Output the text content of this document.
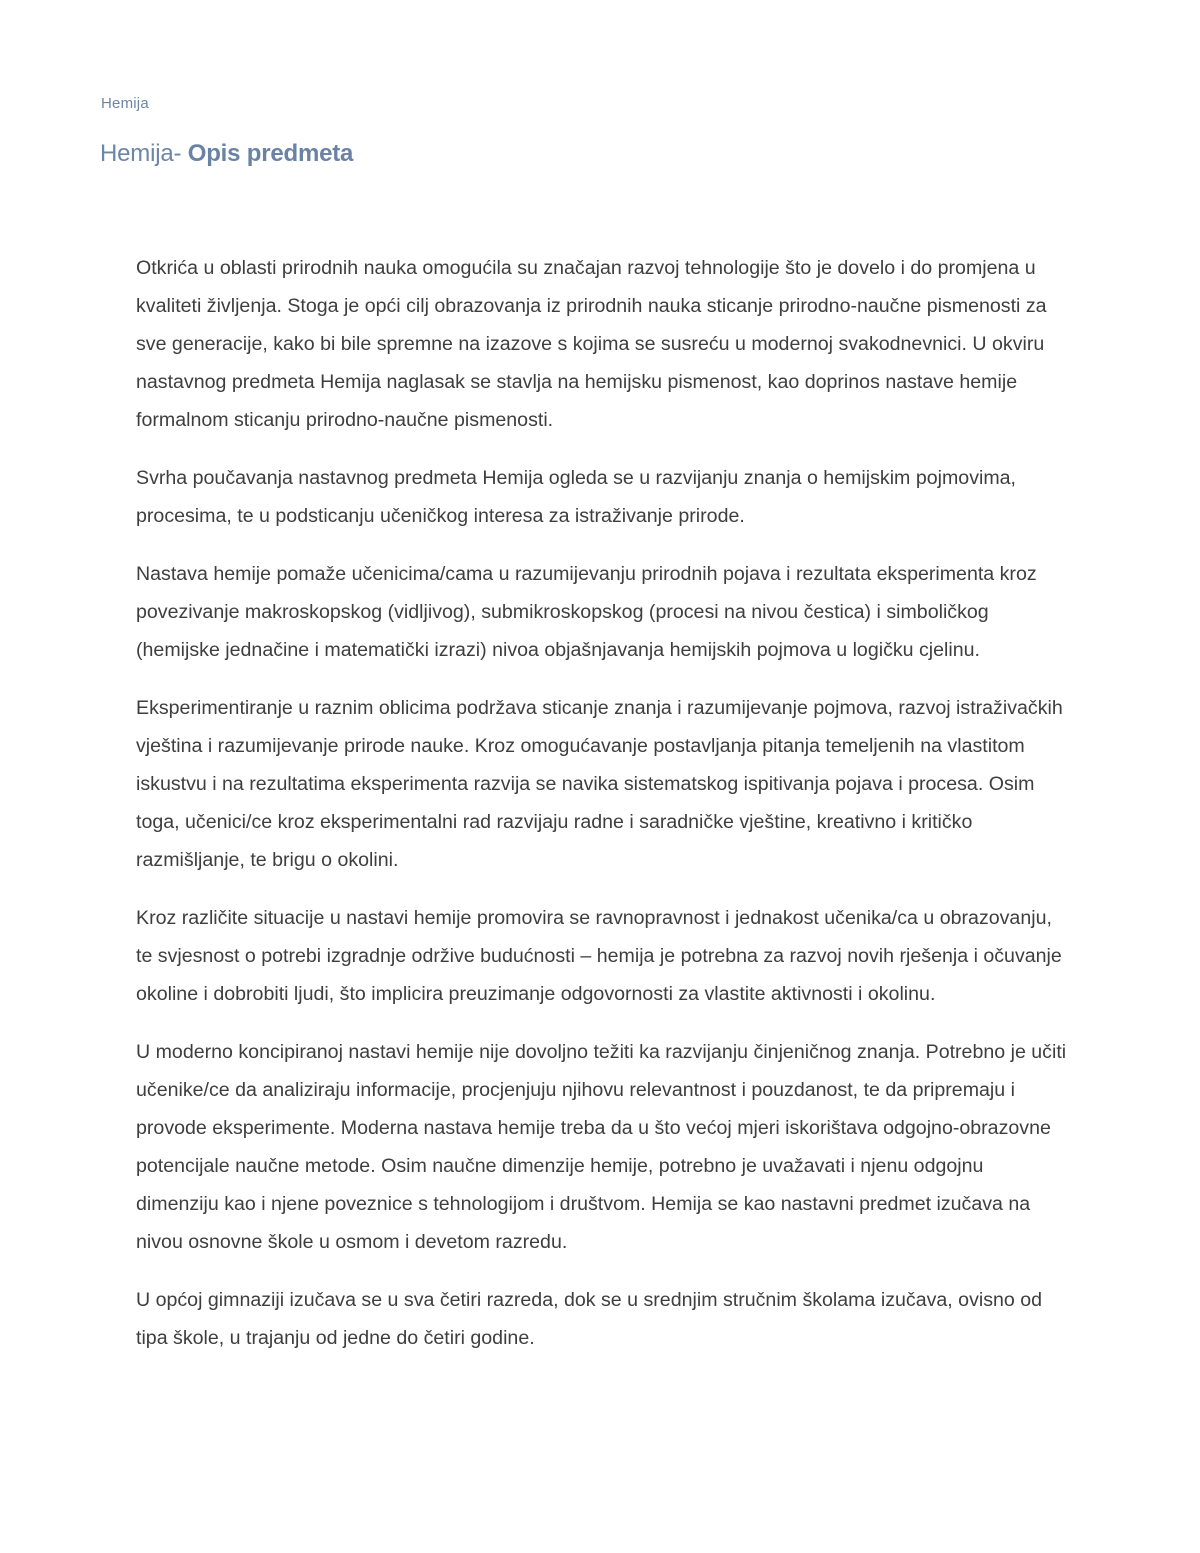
Hemija
Hemija- Opis predmeta

Otkrića u oblasti prirodnih nauka omogućila su značajan razvoj tehnologije što je dovelo i do promjena u kvaliteti življenja. Stoga je opći cilj obrazovanja iz prirodnih nauka sticanje prirodno-naučne pismenosti za sve generacije, kako bi bile spremne na izazove s kojima se susreću u modernoj svakodnevnici. U okviru nastavnog predmeta Hemija naglasak se stavlja na hemijsku pismenost, kao doprinos nastave hemije formalnom sticanju prirodno-naučne pismenosti.

Svrha poučavanja nastavnog predmeta Hemija ogleda se u razvijanju znanja o hemijskim pojmovima, procesima, te u podsticanju učeničkog interesa za istraživanje prirode.

Nastava hemije pomaže učenicima/cama u razumijevanju prirodnih pojava i rezultata eksperimenta kroz povezivanje makroskopskog (vidljivog), submikroskopskog (procesi na nivou čestica) i simboličkog (hemijske jednačine i matematički izrazi) nivoa objašnjavanja hemijskih pojmova u logičku cjelinu.

Eksperimentiranje u raznim oblicima podržava sticanje znanja i razumijevanje pojmova, razvoj istraživačkih vještina i razumijevanje prirode nauke. Kroz omogućavanje postavljanja pitanja temeljenih na vlastitom iskustvu i na rezultatima eksperimenta razvija se navika sistematskog ispitivanja pojava i procesa. Osim toga, učenici/ce kroz eksperimentalni rad razvijaju radne i saradničke vještine, kreativno i kritičko razmišljanje, te brigu o okolini.

Kroz različite situacije u nastavi hemije promovira se ravnopravnost i jednakost učenika/ca u obrazovanju, te svjesnost o potrebi izgradnje održive budućnosti – hemija je potrebna za razvoj novih rješenja i očuvanje okoline i dobrobiti ljudi, što implicira preuzimanje odgovornosti za vlastite aktivnosti i okolinu.

U moderno koncipiranoj nastavi hemije nije dovoljno težiti ka razvijanju činjeničnog znanja. Potrebno je učiti učenike/ce da analiziraju informacije, procjenjuju njihovu relevantnost i pouzdanost, te da pripremaju i provode eksperimente. Moderna nastava hemije treba da u što većoj mjeri iskorištava odgojno-obrazovne potencijale naučne metode. Osim naučne dimenzije hemije, potrebno je uvažavati i njenu odgojnu dimenziju kao i njene poveznice s tehnologijom i društvom. Hemija se kao nastavni predmet izučava na nivou osnovne škole u osmom i devetom razredu.

U općoj gimnaziji izučava se u sva četiri razreda, dok se u srednjim stručnim školama izučava, ovisno od tipa škole, u trajanju od jedne do četiri godine.
